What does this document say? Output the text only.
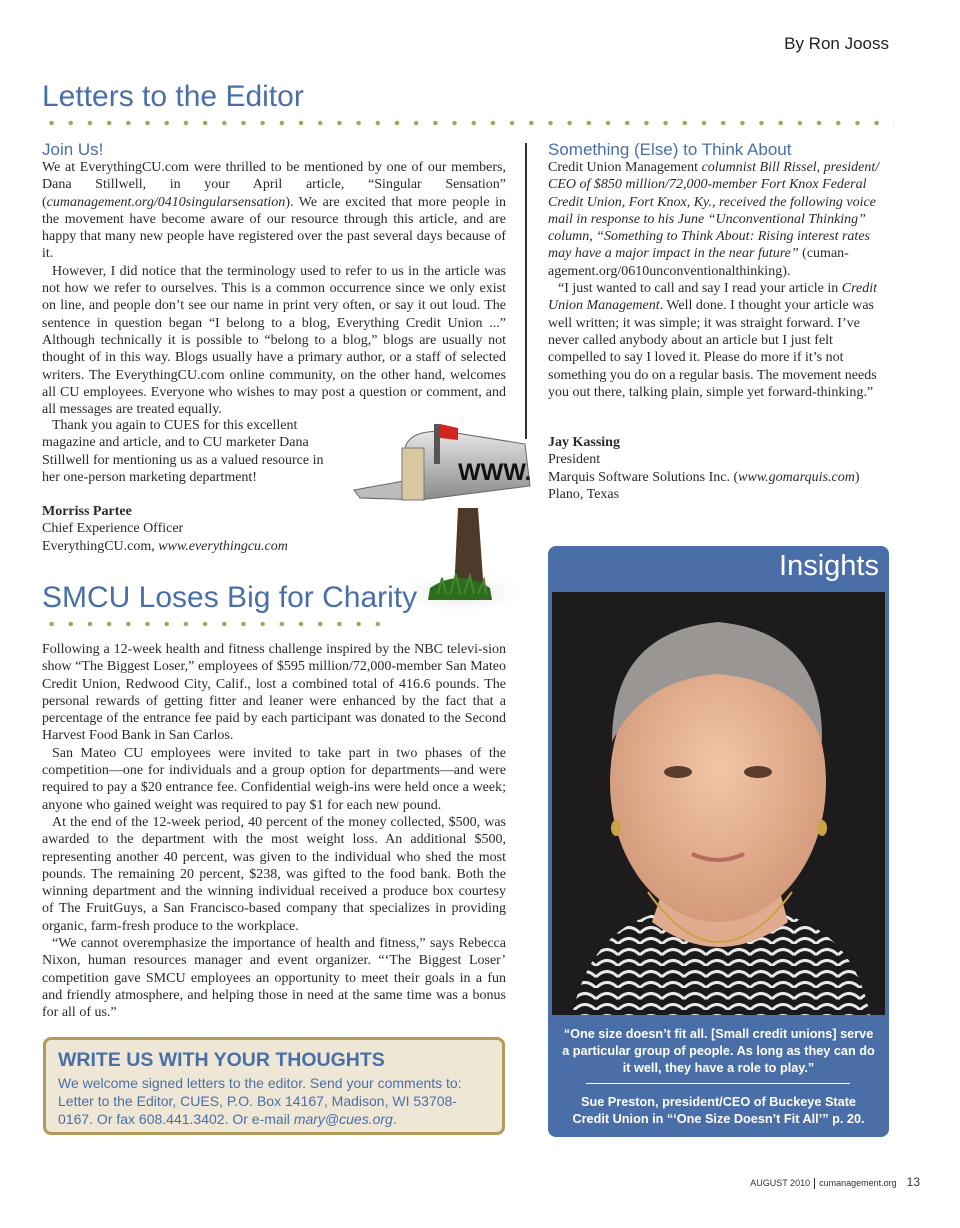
By Ron Jooss
Letters to the Editor
Join Us!

We at EverythingCU.com were thrilled to be mentioned by one of our members, Dana Stillwell, in your April article, “Singular Sensation” (cumanagement.org/0410singularsensation). We are excited that more people in the movement have become aware of our resource through this article, and are happy that many new people have registered over the past several days because of it.

However, I did notice that the terminology used to refer to us in the article was not how we refer to ourselves. This is a common occurrence since we only exist on line, and people don’t see our name in print very often, or say it out loud. The sentence in question began “I belong to a blog, Everything Credit Union ...” Although technically it is possible to “belong to a blog,” blogs are usually not thought of in this way. Blogs usually have a primary author, or a staff of selected writers. The EverythingCU.com online community, on the other hand, welcomes all CU employees. Everyone who wishes to may post a question or comment, and all messages are treated equally.

Thank you again to CUES for this excellent magazine and article, and to CU marketer Dana Stillwell for mentioning us as a valued resource in her one-person marketing department!

Morriss Partee
Chief Experience Officer
EverythingCU.com, www.everythingcu.com
WWW.
Something (Else) to Think About

Credit Union Management columnist Bill Rissel, president/ CEO of $850 million/72,000-member Fort Knox Federal Credit Union, Fort Knox, Ky., received the following voice mail in response to his June “Unconventional Thinking” column, “Something to Think About: Rising interest rates may have a major impact in the near future” (cuman-agement.org/0610unconventionalthinking).

“I just wanted to call and say I read your article in Credit Union Management. Well done. I thought your article was well written; it was simple; it was straight forward. I’ve never called anybody about an article but I just felt compelled to say I loved it. Please do more if it’s not something you do on a regular basis. The movement needs you out there, talking plain, simple yet forward-thinking.”

Jay Kassing
President
Marquis Software Solutions Inc. (www.gomarquis.com)
Plano, Texas
SMCU Loses Big for Charity

Following a 12-week health and fitness challenge inspired by the NBC televi-sion show “The Biggest Loser,” employees of $595 million/72,000-member San Mateo Credit Union, Redwood City, Calif., lost a combined total of 416.6 pounds. The personal rewards of getting fitter and leaner were enhanced by the fact that a percentage of the entrance fee paid by each participant was donated to the Second Harvest Food Bank in San Carlos.

San Mateo CU employees were invited to take part in two phases of the competition—one for individuals and a group option for departments—and were required to pay a $20 entrance fee. Confidential weigh-ins were held once a week; anyone who gained weight was required to pay $1 for each new pound.

At the end of the 12-week period, 40 percent of the money collected, $500, was awarded to the department with the most weight loss. An additional $500, representing another 40 percent, was given to the individual who shed the most pounds. The remaining 20 percent, $238, was gifted to the food bank. Both the winning department and the winning individual received a produce box courtesy of The FruitGuys, a San Francisco-based company that specializes in providing organic, farm-fresh produce to the workplace.

“We cannot overemphasize the importance of health and fitness,” says Rebecca Nixon, human resources manager and event organizer. “‘The Biggest Loser’ competition gave SMCU employees an opportunity to meet their goals in a fun and friendly atmosphere, and helping those in need at the same time was a bonus for all of us.”

WRITE US WITH YOUR THOUGHTS
We welcome signed letters to the editor. Send your comments to: Letter to the Editor, CUES, P.O. Box 14167, Madison, WI 53708-0167. Or fax 608.441.3402. Or e-mail mary@cues.org.
Insights
“One size doesn’t fit all. [Small credit unions] serve a particular group of people. As long as they can do it well, they have a role to play.”
Sue Preston, president/CEO of Buckeye State Credit Union in “‘One Size Doesn’t Fit All’” p. 20.
AUGUST 2010 cumanagement.org 13
